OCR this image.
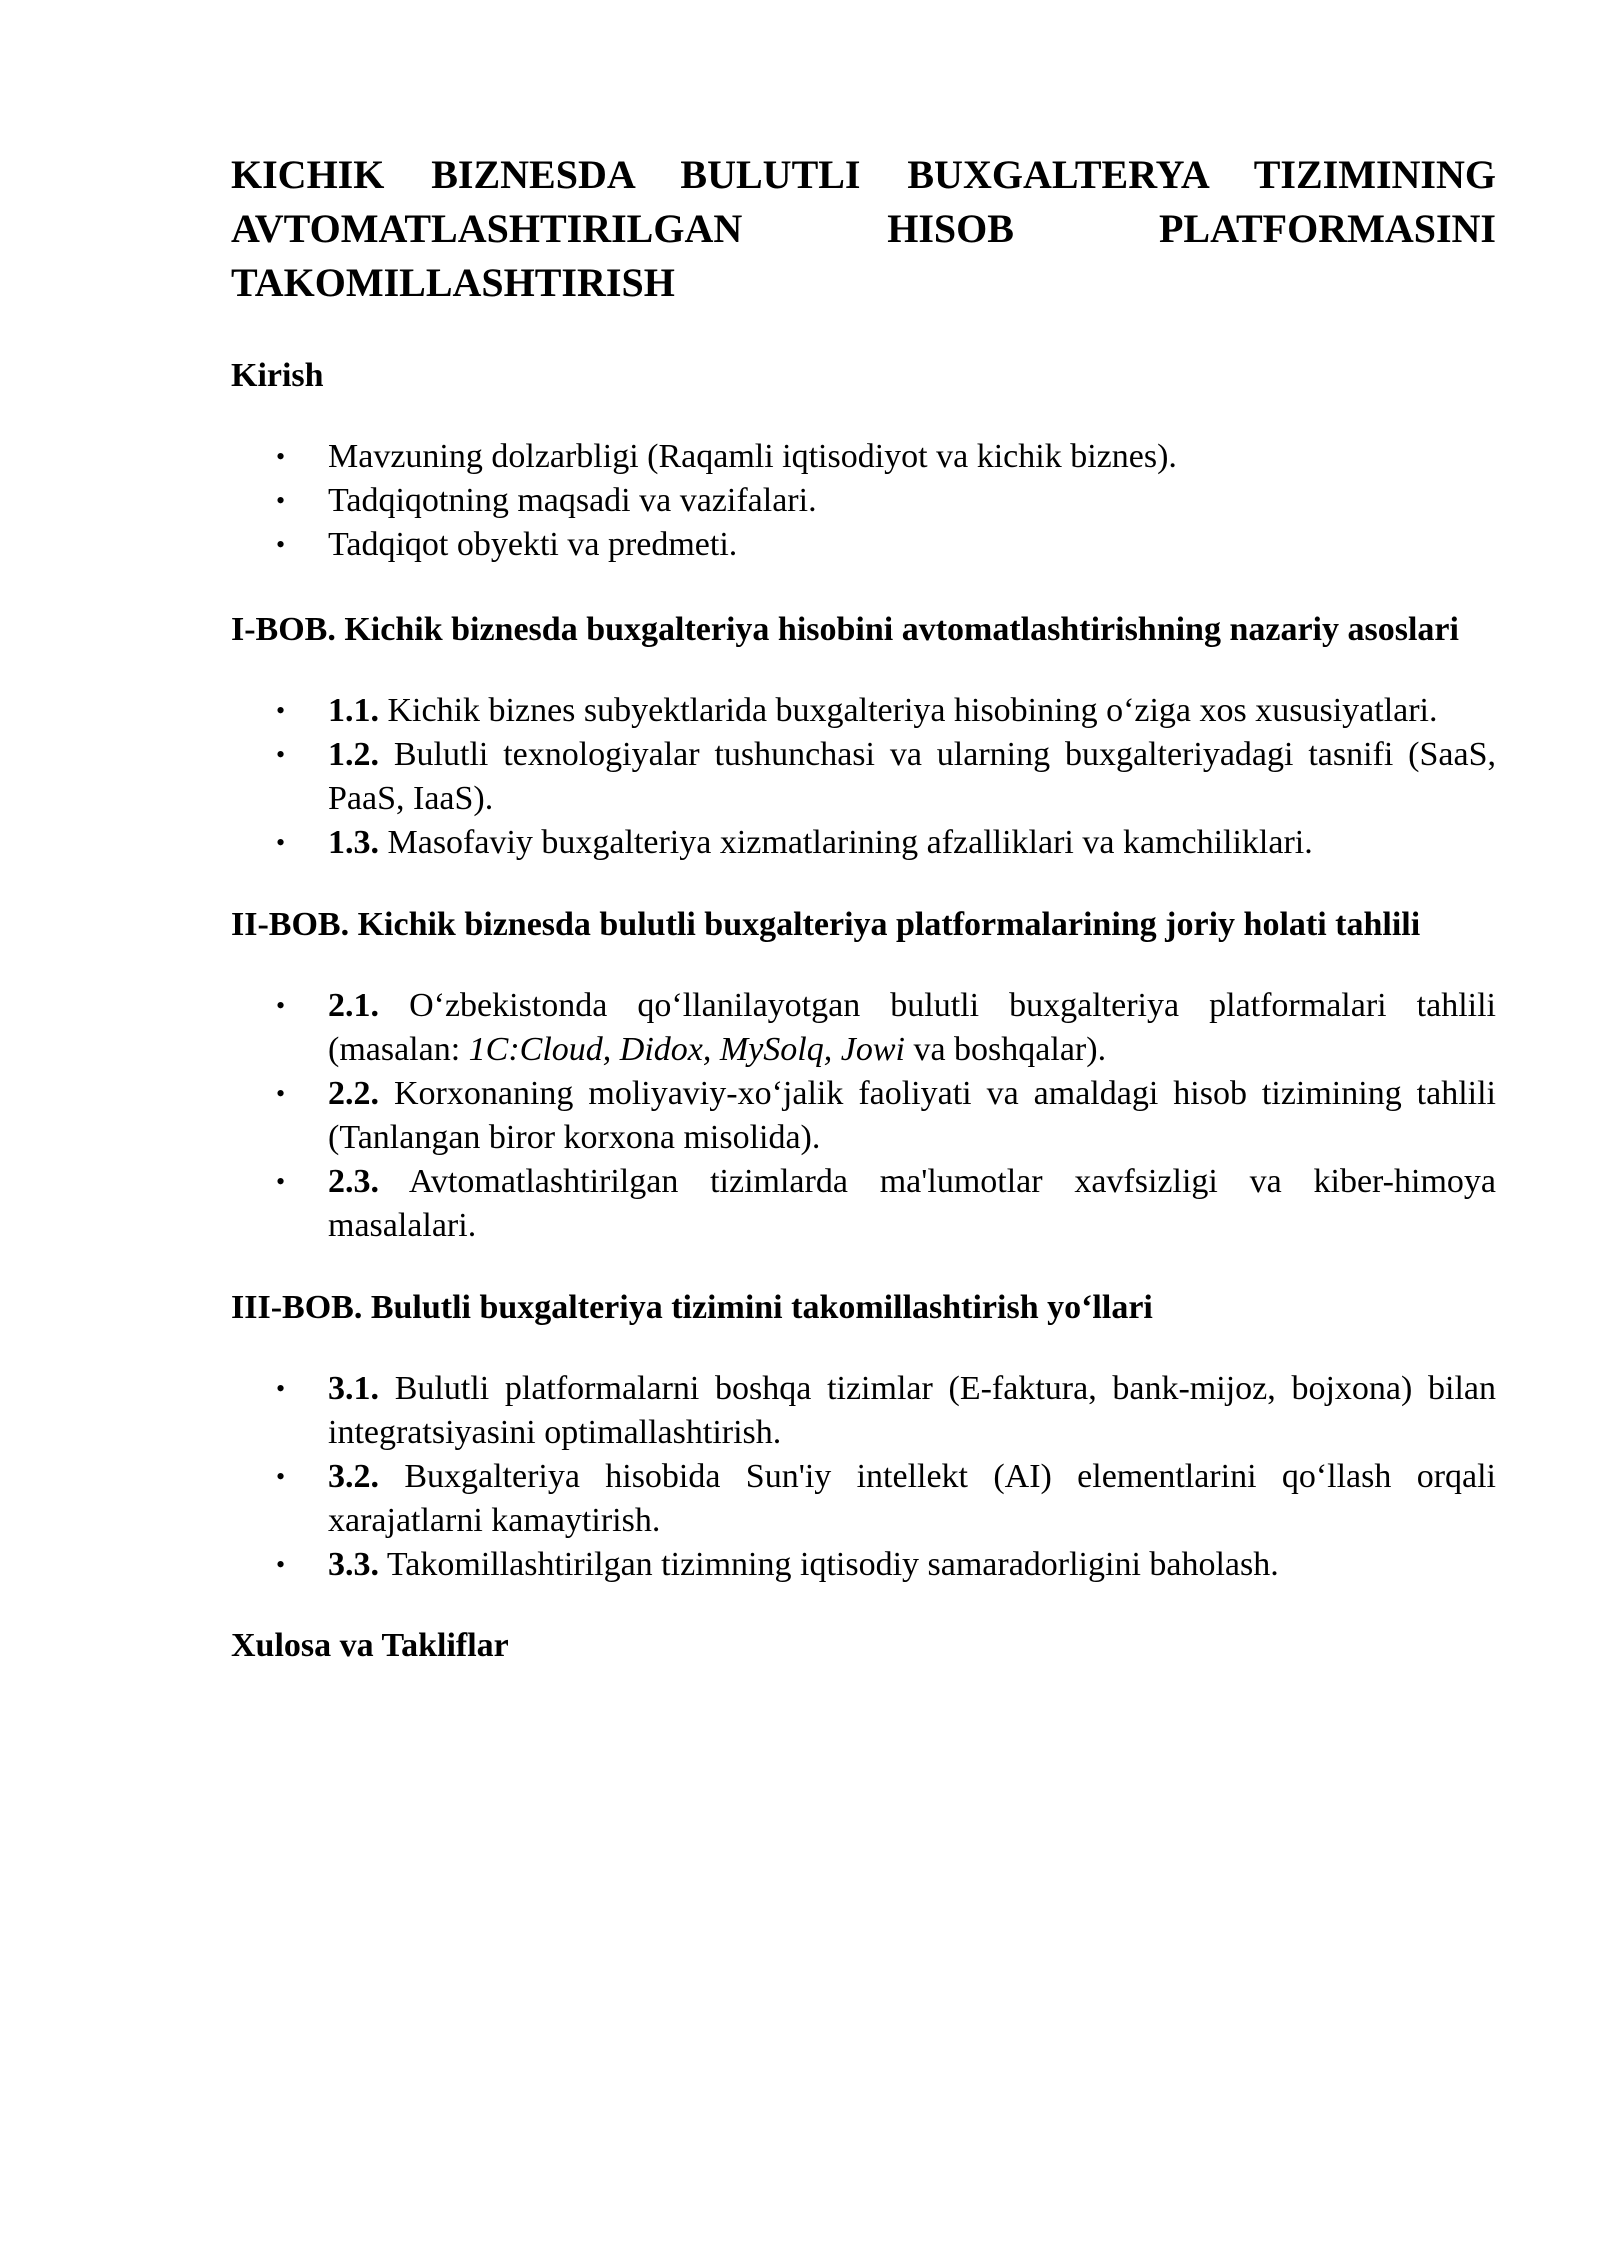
KICHIK BIZNESDA BULUTLI BUXGALTERYA TIZIMINING
AVTOMATLASHTIRILGAN HISOB PLATFORMASINI
TAKOMILLASHTIRISH
Kirish
• Mavzuning dolzarbligi (Raqamli iqtisodiyot va kichik biznes).
• Tadqiqotning maqsadi va vazifalari.
• Tadqiqot obyekti va predmeti.
I-BOB. Kichik biznesda buxgalteriya hisobini avtomatlashtirishning nazariy asoslari
• 1.1. Kichik biznes subyektlarida buxgalteriya hisobining o‘ziga xos xususiyatlari.
• 1.2. Bulutli texnologiyalar tushunchasi va ularning buxgalteriyadagi tasnifi (SaaS, PaaS, IaaS).
• 1.3. Masofaviy buxgalteriya xizmatlarining afzalliklari va kamchiliklari.
II-BOB. Kichik biznesda bulutli buxgalteriya platformalarining joriy holati tahlili
• 2.1. O‘zbekistonda qo‘llanilayotgan bulutli buxgalteriya platformalari tahlili (masalan: 1C:Cloud, Didox, MySolq, Jowi va boshqalar).
• 2.2. Korxonaning moliyaviy-xo‘jalik faoliyati va amaldagi hisob tizimining tahlili (Tanlangan biror korxona misolida).
• 2.3. Avtomatlashtirilgan tizimlarda ma'lumotlar xavfsizligi va kiber-himoya masalalari.
III-BOB. Bulutli buxgalteriya tizimini takomillashtirish yo‘llari
• 3.1. Bulutli platformalarni boshqa tizimlar (E-faktura, bank-mijoz, bojxona) bilan integratsiyasini optimallashtirish.
• 3.2. Buxgalteriya hisobida Sun'iy intellekt (AI) elementlarini qo‘llash orqali xarajatlarni kamaytirish.
• 3.3. Takomillashtirilgan tizimning iqtisodiy samaradorligini baholash.
Xulosa va Takliflar
